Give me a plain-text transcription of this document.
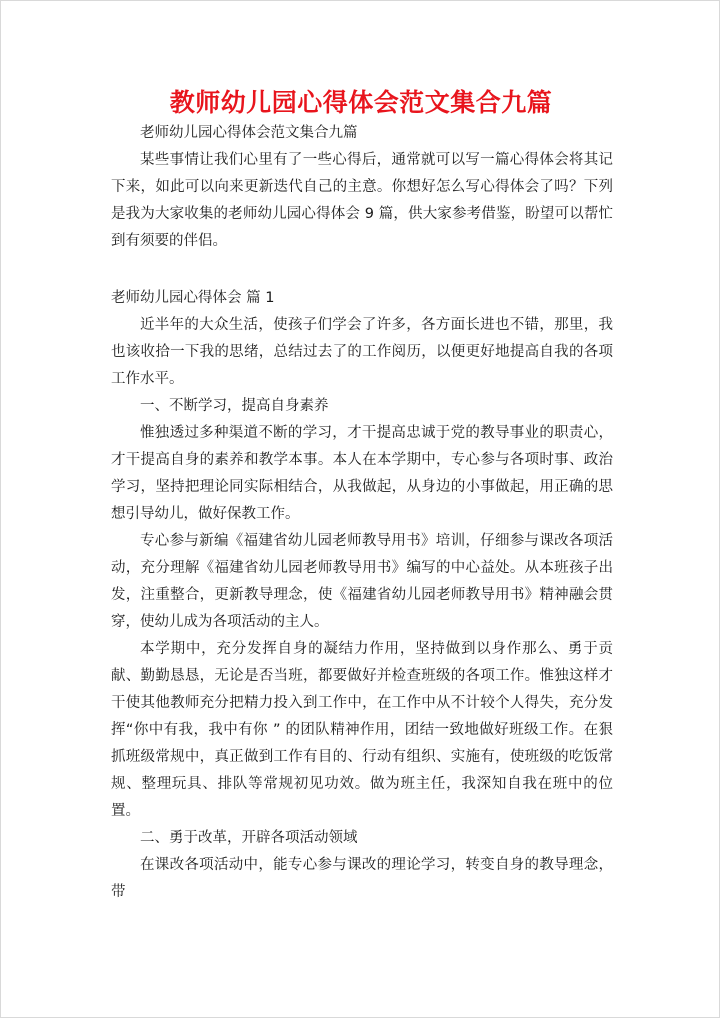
教师幼儿园心得体会范文集合九篇

老师幼儿园心得体会范文集合九篇

某些事情让我们心里有了一些心得后，通常就可以写一篇心得体会将其记下来，如此可以向来更新迭代自己的主意。你想好怎么写心得体会了吗？下列是我为大家收集的老师幼儿园心得体会 9 篇，供大家参考借鉴，盼望可以帮忙到有须要的伴侣。

老师幼儿园心得体会 篇 1

近半年的大众生活，使孩子们学会了许多，各方面长进也不错，那里，我也该收拾一下我的思绪，总结过去了的工作阅历，以便更好地提高自我的各项工作水平。

一、不断学习，提高自身素养

惟独透过多种渠道不断的学习，才干提高忠诚于党的教导事业的职责心，才干提高自身的素养和教学本事。本人在本学期中，专心参与各项时事、政治学习，坚持把理论同实际相结合，从我做起，从身边的小事做起，用正确的思想引导幼儿，做好保教工作。

专心参与新编《福建省幼儿园老师教导用书》培训，仔细参与课改各项活动，充分理解《福建省幼儿园老师教导用书》编写的中心益处。从本班孩子出发，注重整合，更新教导理念，使《福建省幼儿园老师教导用书》精神融会贯穿，使幼儿成为各项活动的主人。

本学期中，充分发挥自身的凝结力作用，坚持做到以身作那么、勇于贡献、勤勤恳恳，无论是否当班，都要做好并检查班级的各项工作。惟独这样才干使其他教师充分把精力投入到工作中，在工作中从不计较个人得失，充分发挥“你中有我，我中有你 ” 的团队精神作用，团结一致地做好班级工作。在狠抓班级常规中，真正做到工作有目的、行动有组织、实施有，使班级的吃饭常规、整理玩具、排队等常规初见功效。做为班主任，我深知自我在班中的位置。

二、勇于改革，开辟各项活动领域

在课改各项活动中，能专心参与课改的理论学习，转变自身的教导理念，带
